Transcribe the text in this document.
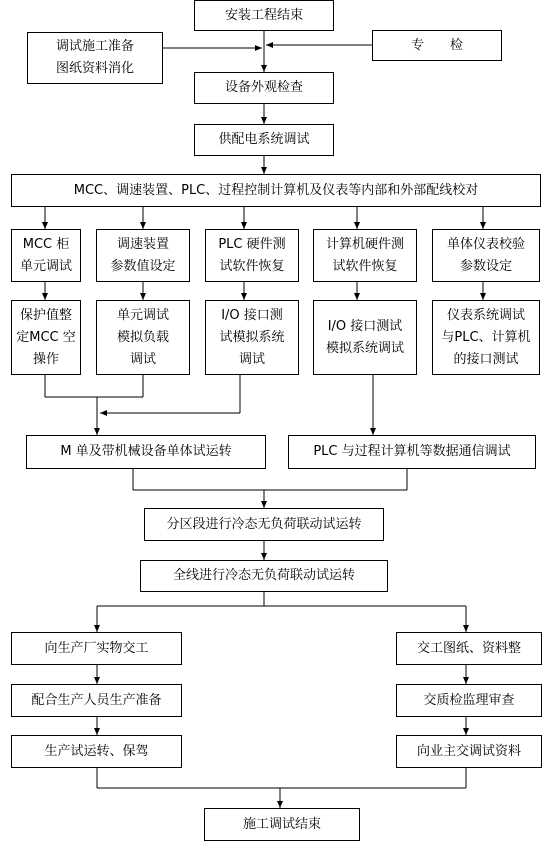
安装工程结束
调试施工准备
图纸资料消化
专　　检
设备外观检查
供配电系统调试
MCC、调速装置、PLC、过程控制计算机及仪表等内部和外部配线校对
MCC 柜
单元调试
调速装置
参数值设定
PLC 硬件测
试软件恢复
计算机硬件测
试软件恢复
单体仪表校验
参数设定
保护值整
定MCC 空
操作
单元调试
模拟负载
调试
I/O 接口测
试模拟系统
调试
I/O 接口测试
模拟系统调试
仪表系统调试
与PLC、计算机
的接口测试
M 单及带机械设备单体试运转	PLC 与过程计算机等数据通信调试
分区段进行冷态无负荷联动试运转
全线进行冷态无负荷联动试运转
向生产厂实物交工	交工图纸、资料整
配合生产人员生产准备	交质检监理审查
生产试运转、保驾	向业主交调试资料
施工调试结束
